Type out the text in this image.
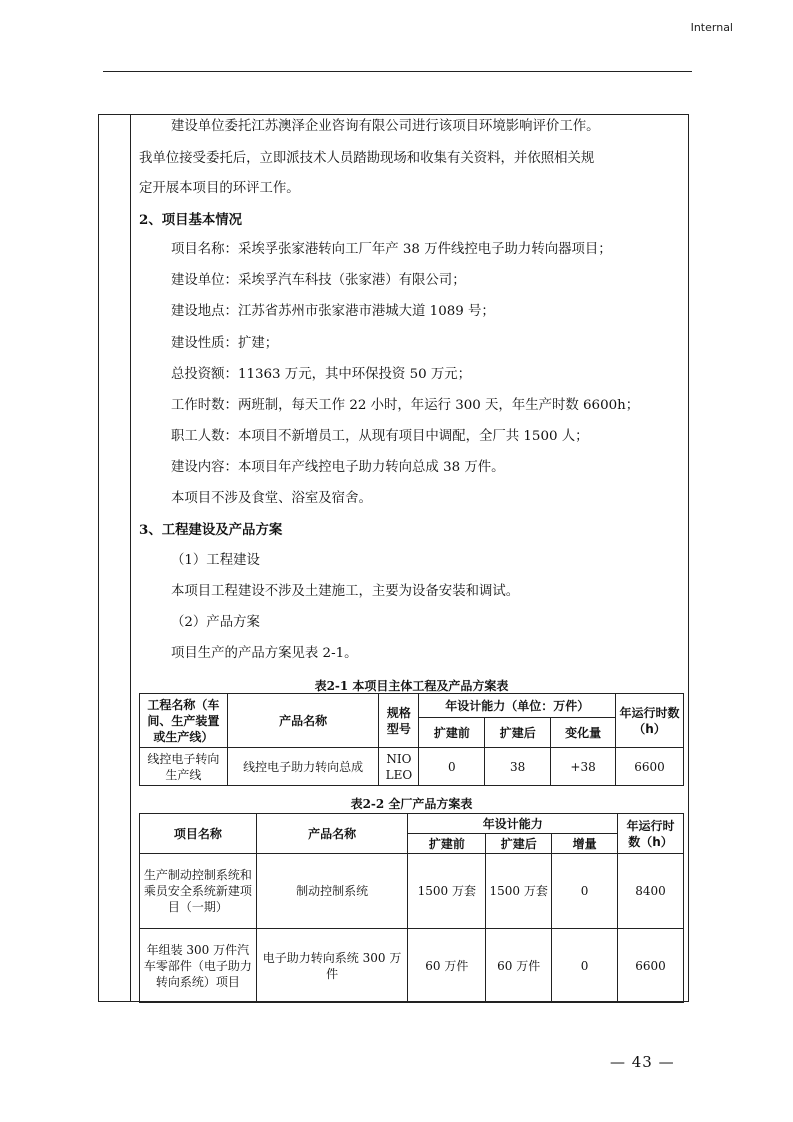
Internal
建设单位委托江苏澳泽企业咨询有限公司进行该项目环境影响评价工作。
我单位接受委托后，立即派技术人员踏勘现场和收集有关资料，并依照相关规
定开展本项目的环评工作。
2、项目基本情况
项目名称：采埃孚张家港转向工厂年产 38 万件线控电子助力转向器项目；
建设单位：采埃孚汽车科技（张家港）有限公司；
建设地点：江苏省苏州市张家港市港城大道 1089 号；
建设性质：扩建；
总投资额：11363 万元，其中环保投资 50 万元；
工作时数：两班制，每天工作 22 小时，年运行 300 天，年生产时数 6600h；
职工人数：本项目不新增员工，从现有项目中调配，全厂共 1500 人；
建设内容：本项目年产线控电子助力转向总成 38 万件。
本项目不涉及食堂、浴室及宿舍。
3、工程建设及产品方案
（1）工程建设
本项目工程建设不涉及土建施工，主要为设备安装和调试。
（2）产品方案
项目生产的产品方案见表 2-1。
表2-1 本项目主体工程及产品方案表
工程名称（车间、生产装置或生产线）	产品名称	规格型号	年设计能力（单位：万件）			年运行时数（h）
			扩建前	扩建后	变化量	
线控电子转向生产线	线控电子助力转向总成	NIO LEO	0	38	+38	6600
表2-2 全厂产品方案表
项目名称	产品名称	年设计能力			年运行时数（h）
		扩建前	扩建后	增量	
生产制动控制系统和乘员安全系统新建项目（一期）	制动控制系统	1500 万套	1500 万套	0	8400
年组装 300 万件汽车零部件（电子助力转向系统）项目	电子助力转向系统 300 万件	60 万件	60 万件	0	6600
— 43 —
